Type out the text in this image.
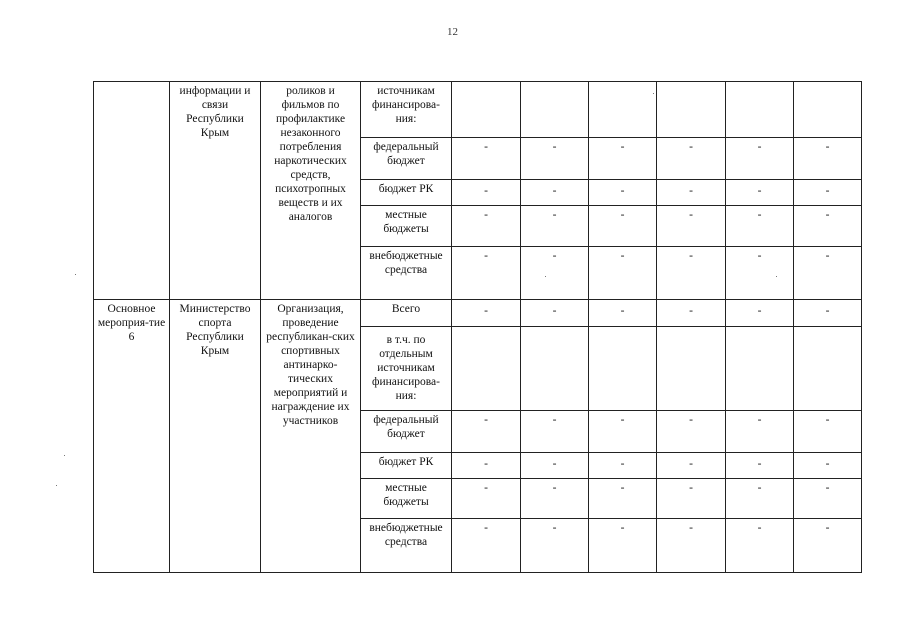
12
	информации и связи Республики Крым	роликов и фильмов по профилактике незаконного потребления наркотических средств, психотропных веществ и их аналогов	источникам финансирова-ния:						
			федеральный бюджет	-	-	-	-	-	-
			бюджет РК	-	-	-	-	-	-
			местные бюджеты	-	-	-	-	-	-
			внебюджетные средства	-	-	-	-	-	-
Основное мероприя-тие 6	Министерство спорта Республики Крым	Организация, проведение республикан-ских спортивных антинарко-тических мероприятий и награждение их участников	Всего	-	-	-	-	-	-
			в т.ч. по отдельным источникам финансирова-ния:						
			федеральный бюджет	-	-	-	-	-	-
			бюджет РК	-	-	-	-	-	-
			местные бюджеты	-	-	-	-	-	-
			внебюджетные средства	-	-	-	-	-	-
